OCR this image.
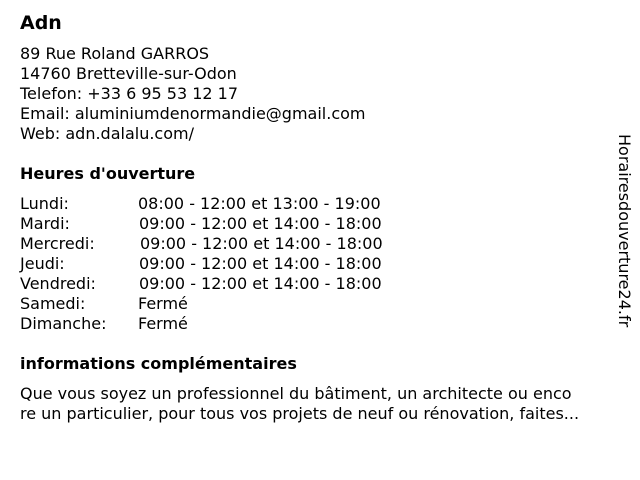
Adn
89 Rue Roland GARROS
14760 Bretteville-sur-Odon
Telefon: +33 6 95 53 12 17
Email: aluminiumdenormandie@gmail.com
Web: adn.dalalu.com/
Heures d'ouverture
Lundi:	08:00 - 12:00 et 13:00 - 19:00
Mardi:	09:00 - 12:00 et 14:00 - 18:00
Mercredi:	09:00 - 12:00 et 14:00 - 18:00
Jeudi:	09:00 - 12:00 et 14:00 - 18:00
Vendredi:	09:00 - 12:00 et 14:00 - 18:00
Samedi:	Fermé
Dimanche: Fermé
informations complémentaires
Que vous soyez un professionnel du bâtiment, un architecte ou enco
re un particulier, pour tous vos projets de neuf ou rénovation, faites...
Horairesdouverture24.fr
